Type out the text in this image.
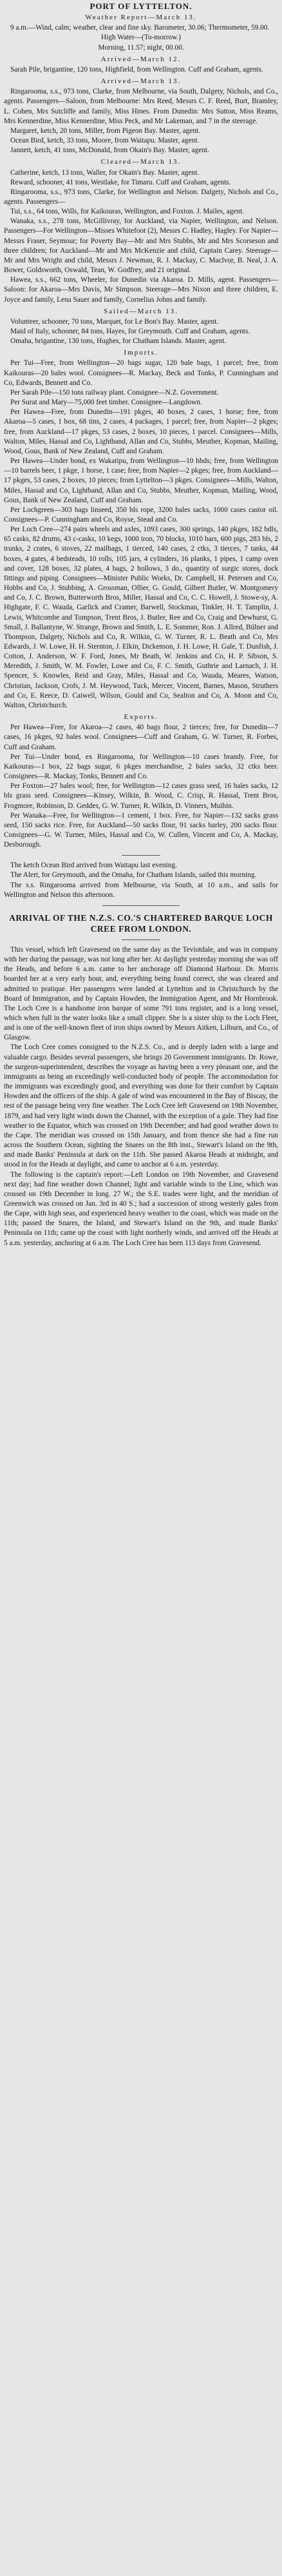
PORT OF LYTTELTON.
Weather Report—March 13.

9 a.m.—Wind, calm; weather, clear and fine sky. Barometer, 30.06; Thermometer, 59.00.

High Water—(To-morrow.)

Morning, 11.57; night, 00.00.

Arrived—March 12.

Sarah Pile, brigantine, 120 tons, Highfield, from Wellington. Cuff and Graham, agents.

Arrived—March 13.

Ringarooma, s.s., 973 tons, Clarke, from Melbourne, via South, Dalgety, Nichols, and Co., agents. Passengers—Saloon, from Melbourne: Mrs Reed, Messrs C. F. Reed, Burt, Bramley, L. Cohen, Mrs Sutcliffe and family, Miss Hines. From Dunedin: Mrs Sutton, Miss Reams, Mrs Kennerdine, Miss Kennerdine, Miss Peck, and Mr Lakeman, and 7 in the steerage.

Margaret, ketch, 20 tons, Miller, from Pigeon Bay. Master, agent.

Ocean Bird, ketch, 33 tons, Moore, from Waitapu. Master, agent.

Jannett, ketch, 41 tons, McDonald, from Okain's Bay. Master, agent.

Cleared—March 13.

Catherine, ketch, 13 tons, Waller, for Okain's Bay. Master, agent.

Reward, schooner, 41 tons, Westlake, for Timaru. Cuff and Graham, agents.

Ringarooma, s.s., 973 tons, Clarke, for Wellington and Nelson. Dalgety, Nichols and Co., agents. Passengers—

Tui, s.s., 64 tons, Wills, for Kaikouras, Wellington, and Foxton. J. Mailes, agent.

Wanaka, s.s., 278 tons, McGillivray, for Auckland, via Napier, Wellington, and Nelson. Passengers—For Wellington—Misses Whitefoot (2), Messrs C. Hadley, Hagley. For Napier—Messrs Fraser, Seymour; for Poverty Bay—Mr and Mrs Stubbs, Mr and Mrs Scorseson and three children; for Auckland—Mr and Mrs McKenzie and child, Captain Carey. Steerage—Mr and Mrs Wright and child, Messrs J. Newman, R. J. Mackay, C. Maclvor, B. Neal, J. A. Bower, Goldsworth, Oswald, Tean, W. Godfrey, and 21 original.

Hawea, s.s., 662 tons, Wheeler, for Dunedin via Akaroa. D. Mills, agent. Passengers—Saloon: for Akaroa—Mrs Davis, Mr Simpson. Steerage—Mrs Nixon and three children, E. Joyce and family, Lena Sauer and family, Cornelius Johns and family.

Sailed—March 13.

Volunteer, schooner, 70 tons, Marquet, for Le Bon's Bay. Master, agent.

Maid of Italy, schooner, 84 tons, Hayes, for Greymouth. Cuff and Graham, agents.

Omaha, brigantine, 130 tons, Hughes, for Chatham Islands. Master, agent.

Imports.

Per Tui—Free, from Wellington—20 bags sugar, 120 bale bags, 1 parcel; free, from Kaikouras—20 bales wool. Consignees—R. Mackay, Beck and Tonks, P. Cunningham and Co, Edwards, Bennett and Co.

Per Sarah Pile—150 tons railway plant. Consignee—N.Z. Government.

Per Surat and Mary—75,000 feet timber. Consignee—Langdown.

Per Hawea—Free, from Dunedin—191 pkges, 40 boxes, 2 cases, 1 horse; free, from Akaroa—5 cases, 1 box, 68 tins, 2 cases, 4 packages, 1 parcel; free, from Napier—2 pkges; free, from Auckland—17 pkges, 53 cases, 2 boxes, 10 pieces, 1 parcel. Consignees—Mills, Walton, Miles, Hassal and Co, Lightband, Allan and Co, Stubbs, Meuther, Kopman, Mailing, Wood, Gous, Bank of New Zealand, Cuff and Graham.

Per Hawea—Under bond, ex Wakatipu, from Wellington—10 hhds; free, from Wellington—10 barrels beer, 1 pkge, 1 horse, 1 case; free, from Napier—2 pkges; free, from Auckland—17 pkges, 53 cases, 2 boxes, 10 pieces; from Lyttelton—3 pkges. Consignees—Mills, Walton, Miles, Hassal and Co, Lightband, Allan and Co, Stubbs, Meuther, Kopman, Mailing, Wood, Gous, Bank of New Zealand, Cuff and Graham.

Per Lochgreen—303 bags linseed, 350 bls rope, 3200 bales sacks, 1000 cases castor oil. Consignees—P. Cunningham and Co, Royse, Stead and Co.

Per Loch Cree—274 pairs wheels and axles, 1093 cases, 300 springs, 140 pkges, 182 bdls, 65 casks, 82 drums, 43 c-casks, 10 kegs, 1000 iron, 70 blocks, 1010 bars, 600 pigs, 283 bls, 2 trunks, 2 crates, 6 stoves, 22 mailbags, 1 tierced, 140 cases, 2 ctks, 3 tierces, 7 tanks, 44 boxes, 4 gates, 4 bedsteads, 10 rolls, 105 jars, 4 cylinders, 16 planks, 1 pipes, 1 camp oven and cover, 128 boxes, 32 plates, 4 bags, 2 hollows, 3 do., quantity of surgic stores, dock fittings and piping. Consignees—Minister Public Works, Dr. Campbell, H. Petersen and Co, Hobbs and Co, J. Stubbing, A. Grossman, Ollier, G. Gould, Gilbert Butler, W. Montgomery and Co, J. C. Brown, Butterworth Bros, Miller, Hassal and Co, C. C. Howell, J. Stowe-sy, A. Highgate, F. C. Wauda, Garlick and Cramer, Barwell, Stockman, Tinkler, H. T. Tamplin, J. Lewis, Whitcombe and Tompson, Trent Bros, J. Butler, Ree and Co, Craig and Dewhurst, G. Small, J. Ballantyne, W. Strange, Brown and Smith, L. E. Sommer, Ron. J. Allred, Bülner and Thompson, Dalgety, Nichols and Co, R. Wilkin, G. W. Turner, R. L. Beath and Co, Mrs Edwards, J. W. Lowe, H. H. Sternton, J. Elkin, Dickenson, J. H. Lowe, H. Gale, T. Dunfish, J. Cotton, J. Anderson, W. F. Ford, Jones, Mr Beath, W. Jenkins and Co, H. P. Sibson, S. Meredith, J. Smith, W. M. Fowler, Lowe and Co, F. C. Smith, Guthrie and Larnach, J. H. Spencer, S. Knowles, Reid and Gray, Miles, Hassal and Co, Wauda, Meares, Watson, Christian, Jackson, Crofs, J. M. Heywood, Tuck, Mercer, Vincent, Barnes, Mason, Struthers and Co, E. Reece, D. Caiwell, Wilson, Gould and Co, Sealton and Co, A. Moon and Co, Walton, Christchurch.

Exports.

Per Hawea—Free, for Akaroa—2 cases, 40 bags flour, 2 tierces; free, for Dunedin—7 cases, 16 pkges, 92 bales wool. Consignees—Cuff and Graham, G. W. Turner, R. Forbes, Cuff and Graham.

Per Tui—Under bond, ex Ringarooma, for Wellington—10 cases brandy. Free, for Kaikouras—1 box, 22 bags sugar, 6 pkges merchandise, 2 bales sacks, 32 ctks beer. Consignees—R. Mackay, Tonks, Bennett and Co.

Per Foxton—27 bales wool; free, for Wellington—12 cases grass seed, 16 bales sacks, 12 bls grass seed. Consignees—Kinsey, Wilkin, B. Wood, C. Crisp, R. Hassal, Trent Bros, Frogmore, Robinson, D. Geddes, G. W. Turner, R. Wilkin, D. Vinners, Muihin.

Per Wanaka—Free, for Wellington—1 cement, 1 box. Free, for Napier—132 sacks grass seed, 150 sacks rice. Free, for Auckland—50 sacks flour, 91 sacks barley, 200 sacks flour. Consignees—G. W. Turner, Miles, Hassal and Co, W. Cullen, Vincent and Co, A. Mackay, Desborough.

The ketch Ocean Bird arrived from Waitapu last evening.

The Alert, for Greymouth, and the Omaha, for Chatham Islands, sailed this morning.

The s.s. Ringarooma arrived from Melbourne, via South, at 10 a.m., and sails for Wellington and Nelson this afternoon.

ARRIVAL OF THE N.Z.S. CO.'S CHARTERED BARQUE LOCH CREE FROM LONDON.

This vessel, which left Gravesend on the same day as the Teviotdale, and was in company with her during the passage, was not long after her. At daylight yesterday morning she was off the Heads, and before 6 a.m. came to her anchorage off Diamond Harbour. Dr. Morris boarded her at a very early hour, and, everything being found correct, she was cleared and admitted to pratique. Her passengers were landed at Lyttelton and in Christchurch by the Board of Immigration, and by Captain Howden, the Immigration Agent, and Mr Hornbrook. The Loch Cree is a handsome iron barque of some 791 tons register, and is a long vessel, which when full in the water looks like a small clipper. She is a sister ship to the Loch Fleet, and is one of the well-known fleet of iron ships owned by Messrs Aitken, Lilburn, and Co., of Glasgow.

The Loch Cree comes consigned to the N.Z.S. Co., and is deeply laden with a large and valuable cargo. Besides several passengers, she brings 20 Government immigrants. Dr. Rowe, the surgeon-superintendent, describes the voyage as having been a very pleasant one, and the immigrants as being an exceedingly well-conducted body of people. The accommodation for the immigrants was exceedingly good, and everything was done for their comfort by Captain Howden and the officers of the ship. A gale of wind was encountered in the Bay of Biscay, the rest of the passage being very fine weather. The Loch Cree left Gravesend on 19th November, 1879, and had very light winds down the Channel, with the exception of a gale. They had fine weather to the Equator, which was crossed on 19th December; and had good weather down to the Cape. The meridian was crossed on 15th January, and from thence she had a fine run across the Southern Ocean, sighting the Snares on the 8th inst., Stewart's Island on the 9th, and made Banks' Peninsula at dark on the 11th. She passed Akaroa Heads at midnight, and stood in for the Heads at daylight, and came to anchor at 6 a.m. yesterday.

The following is the captain's report:—Left London on 19th November, and Gravesend next day; had fine weather down Channel; light and variable winds to the Line, which was crossed on 19th December in long. 27 W.; the S.E. trades were light, and the meridian of Greenwich was crossed on Jan. 3rd in 40 S.; had a succession of strong westerly gales from the Cape, with high seas, and experienced heavy weather to the coast, which was made on the 11th; passed the Snares, the Island, and Stewart's Island on the 9th, and made Banks' Peninsula on 11th; came up the coast with light northerly winds, and arrived off the Heads at 5 a.m. yesterday, anchoring at 6 a.m. The Loch Cree has been 113 days from Gravesend.
